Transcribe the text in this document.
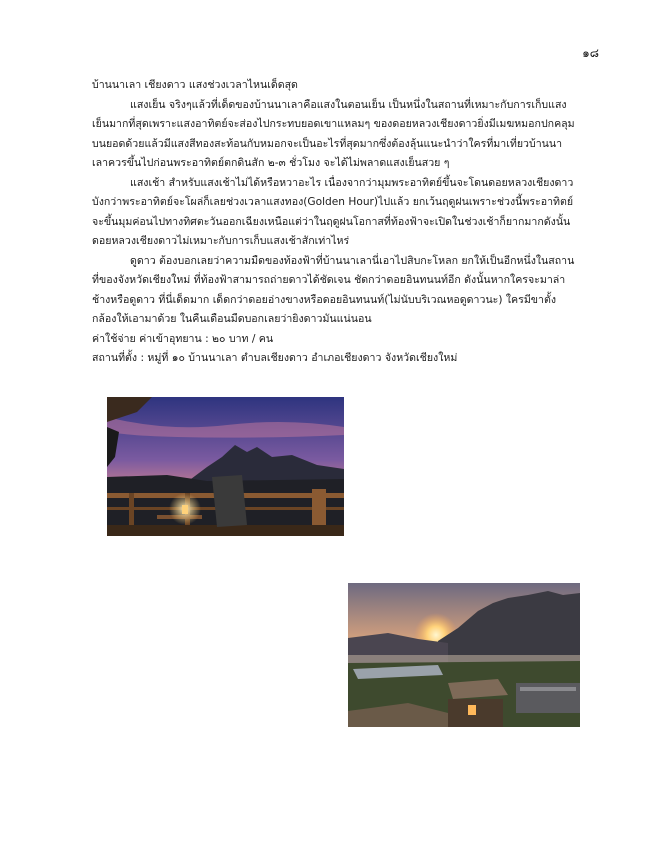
๑๘

บ้านนาเลา เชียงดาว แสงช่วงเวลาไหนเด็ดสุด

แสงเย็น จริงๆแล้วที่เด็ดของบ้านนาเลาคือแสงในตอนเย็น เป็นหนึ่งในสถานที่เหมาะกับการเก็บแสงเย็นมากที่สุดเพราะแสงอาทิตย์จะส่องไปกระทบยอดเขาแหลมๆ ของดอยหลวงเชียงดาวยิ่งมีเมฆหมอกปกคลุมบนยอดด้วยแล้วมีแสงสีทองสะท้อนกับหมอกจะเป็นอะไรที่สุดมากซึ่งต้องลุ้นแนะนำว่าใครที่มาเที่ยวบ้านนาเลาควรขึ้นไปก่อนพระอาทิตย์ตกดินสัก ๒-๓ ชั่วโมง จะได้ไม่พลาดแสงเย็นสวย ๆ

แสงเช้า สำหรับแสงเช้าไม่ได้หรือหวาอะไร เนื่องจากว่ามุมพระอาทิตย์ขึ้นจะโดนดอยหลวงเชียงดาวบังกว่าพระอาทิตย์จะโผล่ก็เลยช่วงเวลาแสงทอง(Golden Hour)ไปแล้ว ยกเว้นฤดูฝนเพราะช่วงนี้พระอาทิตย์จะขึ้นมุมค่อนไปทางทิศตะวันออกเฉียงเหนือแต่ว่าในฤดูฝนโอกาสที่ท้องฟ้าจะเปิดในช่วงเช้าก็ยากมากดังนั้นดอยหลวงเชียงดาวไม่เหมาะกับการเก็บแสงเช้าสักเท่าไหร่

ดูดาว ต้องบอกเลยว่าความมืดของท้องฟ้าที่บ้านนาเลานี่เอาไปสิบกะโหลก ยกให้เป็นอีกหนึ่งในสถานที่ของจังหวัดเชียงใหม่ ที่ท้องฟ้าสามารถถ่ายดาวได้ชัดเจน ชัดกว่าดอยอินทนนท์อีก ดังนั้นหากใครจะมาล่าช้างหรือดูดาว ที่นี่เด็ดมาก เด็ดกว่าดอยอ่างขางหรือดอยอินทนนท์(ไม่นับบริเวณหอดูดาวนะ) ใครมีขาตั้งกล้องให้เอามาด้วย ในคืนเดือนมืดบอกเลยว่ายิงดาวมันแน่นอน

ค่าใช้จ่าย ค่าเข้าอุทยาน : ๒๐ บาท / คน

สถานที่ตั้ง : หมู่ที่ ๑๐ บ้านนาเลา ตำบลเชียงดาว อำเภอเชียงดาว จังหวัดเชียงใหม่
